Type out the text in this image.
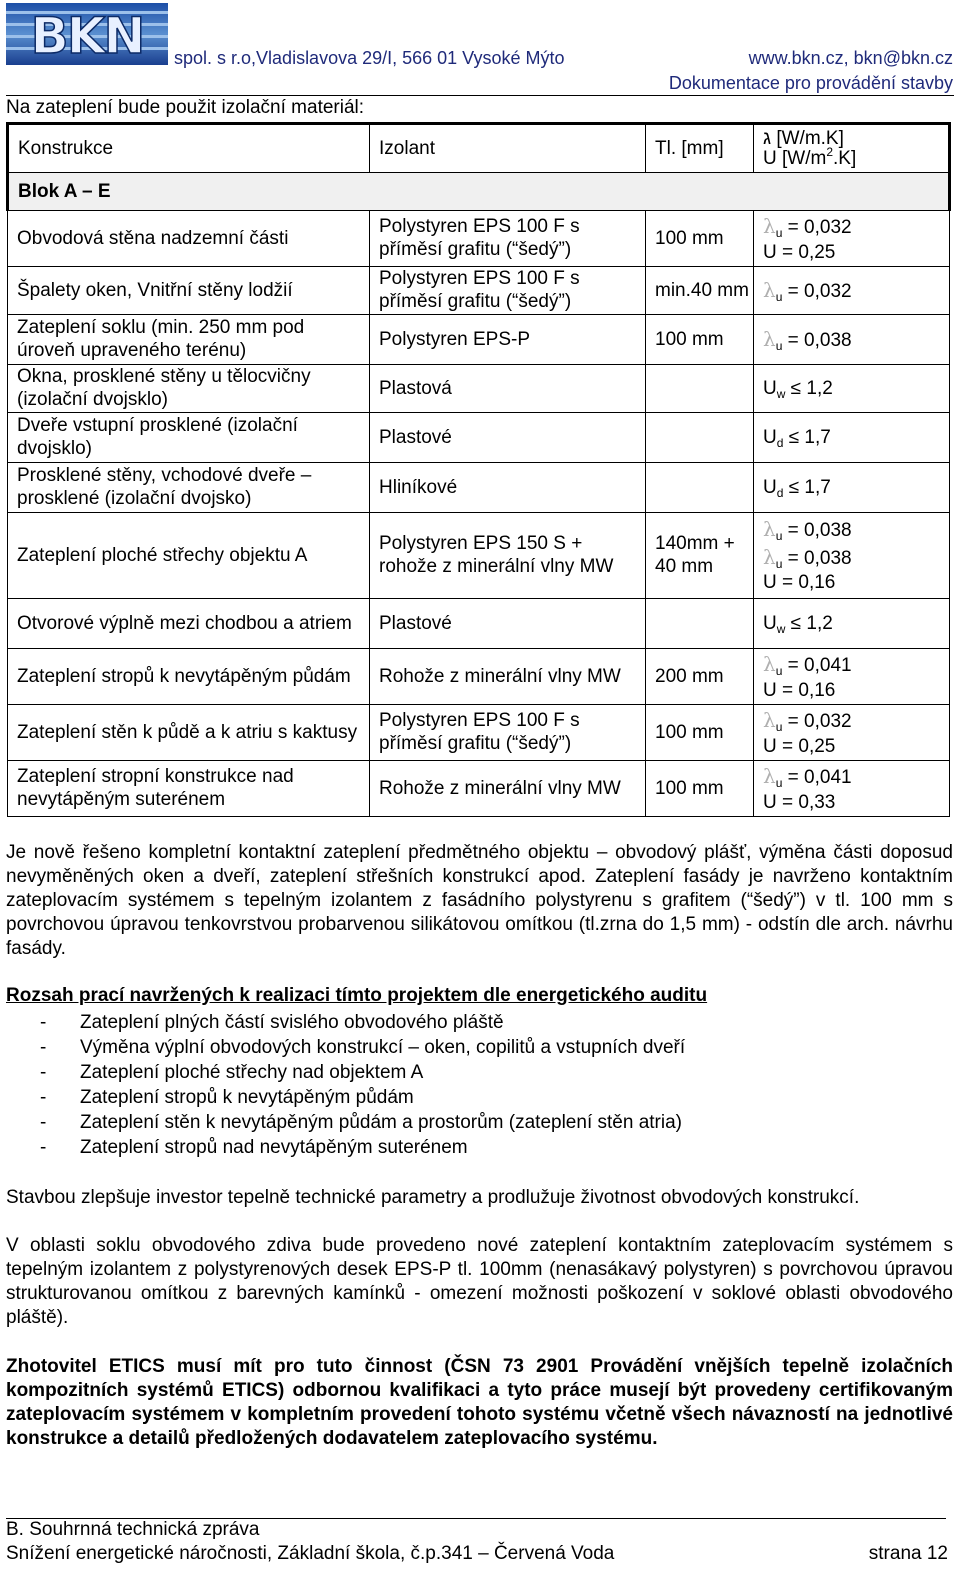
BKN spol. s r.o,Vladislavova 29/I, 566 01 Vysoké Mýto	www.bkn.cz, bkn@bkn.cz
Dokumentace pro provádění stavby
Na zateplení bude použit izolační materiál:
Konstrukce	Izolant	Tl. [mm]	ג [W/m.K]
U $[W/m^2.K]$
Blok A – E			
Obvodová stěna nadzemní části	Polystyren EPS 100 F s příměsí grafitu (“šedý”)	100 mm	$\lambda_u = 0,032$
U = 0,25

Špalety oken, Vnitřní stěny lodžií	Polystyren EPS 100 F s příměsí grafitu (“šedý”)	min.40 mm	$\lambda_u = 0,032$

Zateplení soklu (min. 250 mm pod úroveň upraveného terénu)	Polystyren EPS-P	100 mm	$\lambda_u = 0,038$

Okna, prosklené stěny u tělocvičny (izolační dvojsklo)	Plastová		$U_w \le 1,2$

Dveře vstupní prosklené (izolační dvojsklo)	Plastové		$U_d \le 1,7$

Prosklené stěny, vchodové dveře – prosklené (izolační dvojsko)	Hliníkové		$U_d \le 1,7$

Zateplení ploché střechy objektu A	Polystyren EPS 150 S + rohože z minerální vlny MW	140mm + 40 mm	$\lambda_u = 0,038$
$\lambda_u = 0,038$
U = 0,16

Otvorové výplně mezi chodbou a atriem	Plastové		$U_w \le 1,2$

Zateplení stropů k nevytápěným půdám	Rohože z minerální vlny MW	200 mm	$\lambda_u = 0,041$
U = 0,16

Zateplení stěn k půdě a k atriu s kaktusy	Polystyren EPS 100 F s příměsí grafitu (“šedý”)	100 mm	$\lambda_u = 0,032$
U = 0,25

Zateplení stropní konstrukce nad nevytápěným suterénem	Rohože z minerální vlny MW	100 mm	$\lambda_u = 0,041$
U = 0,33

Je nově řešeno kompletní kontaktní zateplení předmětného objektu – obvodový plášť, výměna části doposud nevyměněných oken a dveří, zateplení střešních konstrukcí apod. Zateplení fasády je navrženo kontaktním zateplovacím systémem s tepelným izolantem z fasádního polystyrenu s grafitem (“šedý”) v tl. 100 mm s povrchovou úpravou tenkovrstvou probarvenou silikátovou omítkou (tl.zrna do 1,5 mm) - odstín dle arch. návrhu fasády.

Rozsah prací navržených k realizaci tímto projektem dle energetického auditu
- Zateplení plných částí svislého obvodového pláště
- Výměna výplní obvodových konstrukcí – oken, copilitů a vstupních dveří
- Zateplení ploché střechy nad objektem A
- Zateplení stropů k nevytápěným půdám
- Zateplení stěn k nevytápěným půdám a prostorům (zateplení stěn atria)
- Zateplení stropů nad nevytápěným suterénem

Stavbou zlepšuje investor tepelně technické parametry a prodlužuje životnost obvodových konstrukcí.

V oblasti soklu obvodového zdiva bude provedeno nové zateplení kontaktním zateplovacím systémem s tepelným izolantem z polystyrenových desek EPS-P tl. 100mm (nenasákavý polystyren) s povrchovou úpravou strukturovanou omítkou z barevných kamínků - omezení možnosti poškození v soklové oblasti obvodového pláště).

Zhotovitel ETICS musí mít pro tuto činnost (ČSN 73 2901 Provádění vnějších tepelně izolačních kompozitních systémů ETICS) odbornou kvalifikaci a tyto práce musejí být provedeny certifikovaným zateplovacím systémem v kompletním provedení tohoto systému včetně všech návazností na jednotlivé konstrukce a detailů předložených dodavatelem zateplovacího systému.

B. Souhrnná technická zpráva
Snížení energetické náročnosti, Základní škola, č.p.341 – Červená Voda	strana 12
